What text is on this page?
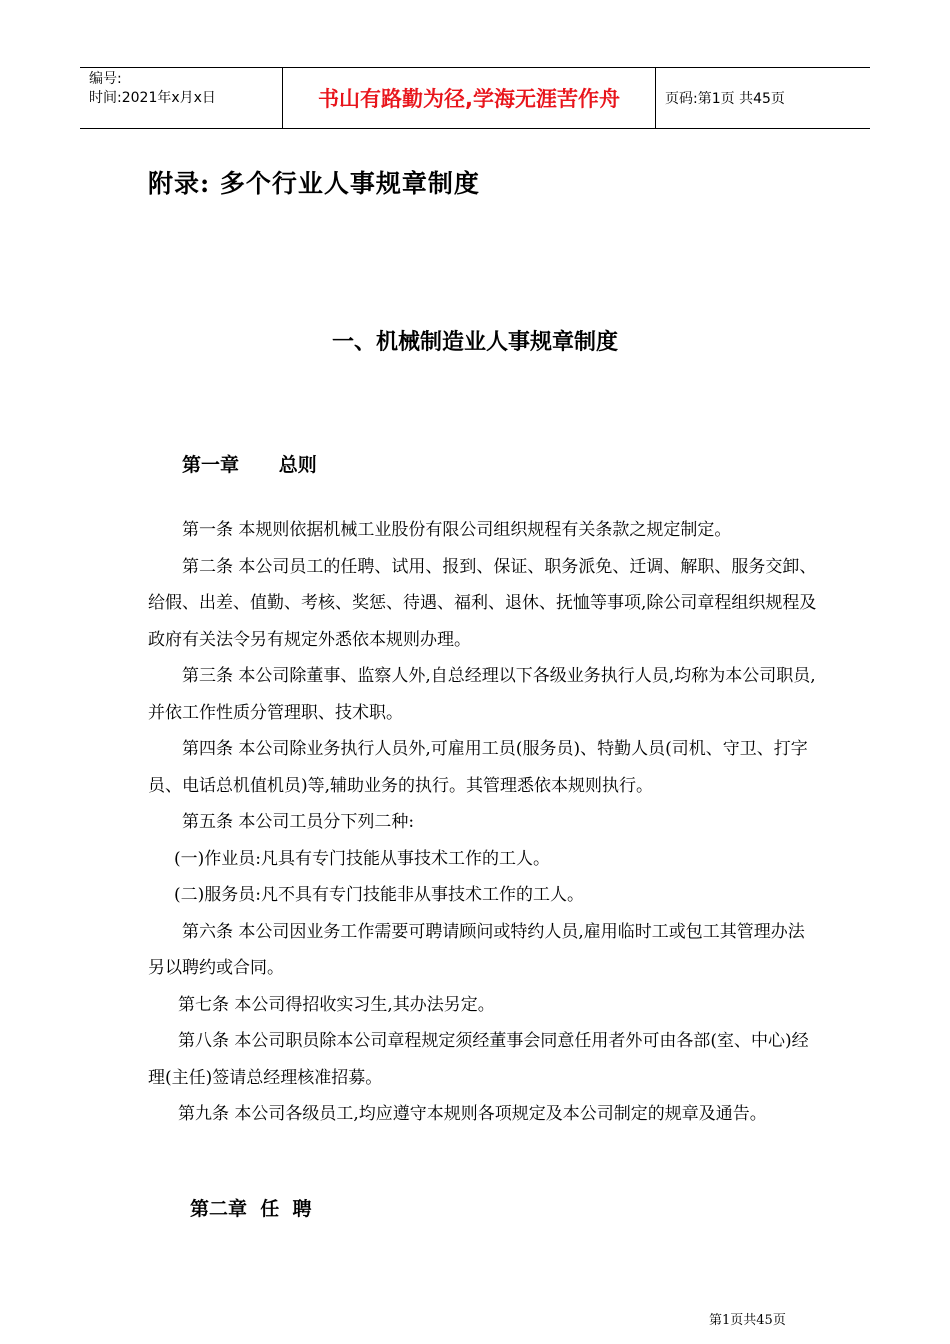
编号:
时间:2021年x月x日	书山有路勤为径,学海无涯苦作舟	页码:第1页 共45页
附录: 多个行业人事规章制度
一、机械制造业人事规章制度
第一章      总则

第一条 本规则依据机械工业股份有限公司组织规程有关条款之规定制定。

第二条 本公司员工的任聘、试用、报到、保证、职务派免、迁调、解职、服务交卸、给假、出差、值勤、考核、奖惩、待遇、福利、退休、抚恤等事项,除公司章程组织规程及政府有关法令另有规定外悉依本规则办理。

第三条 本公司除董事、监察人外,自总经理以下各级业务执行人员,均称为本公司职员,并依工作性质分管理职、技术职。

第四条 本公司除业务执行人员外,可雇用工员(服务员)、特勤人员(司机、守卫、打字员、电话总机值机员)等,辅助业务的执行。其管理悉依本规则执行。

第五条 本公司工员分下列二种:

(一)作业员:凡具有专门技能从事技术工作的工人。

(二)服务员:凡不具有专门技能非从事技术工作的工人。

第六条 本公司因业务工作需要可聘请顾问或特约人员,雇用临时工或包工其管理办法另以聘约或合同。

第七条 本公司得招收实习生,其办法另定。

第八条 本公司职员除本公司章程规定须经董事会同意任用者外可由各部(室、中心)经理(主任)签请总经理核准招募。

第九条 本公司各级员工,均应遵守本规则各项规定及本公司制定的规章及通告。

第二章  任  聘
第1页共45页
